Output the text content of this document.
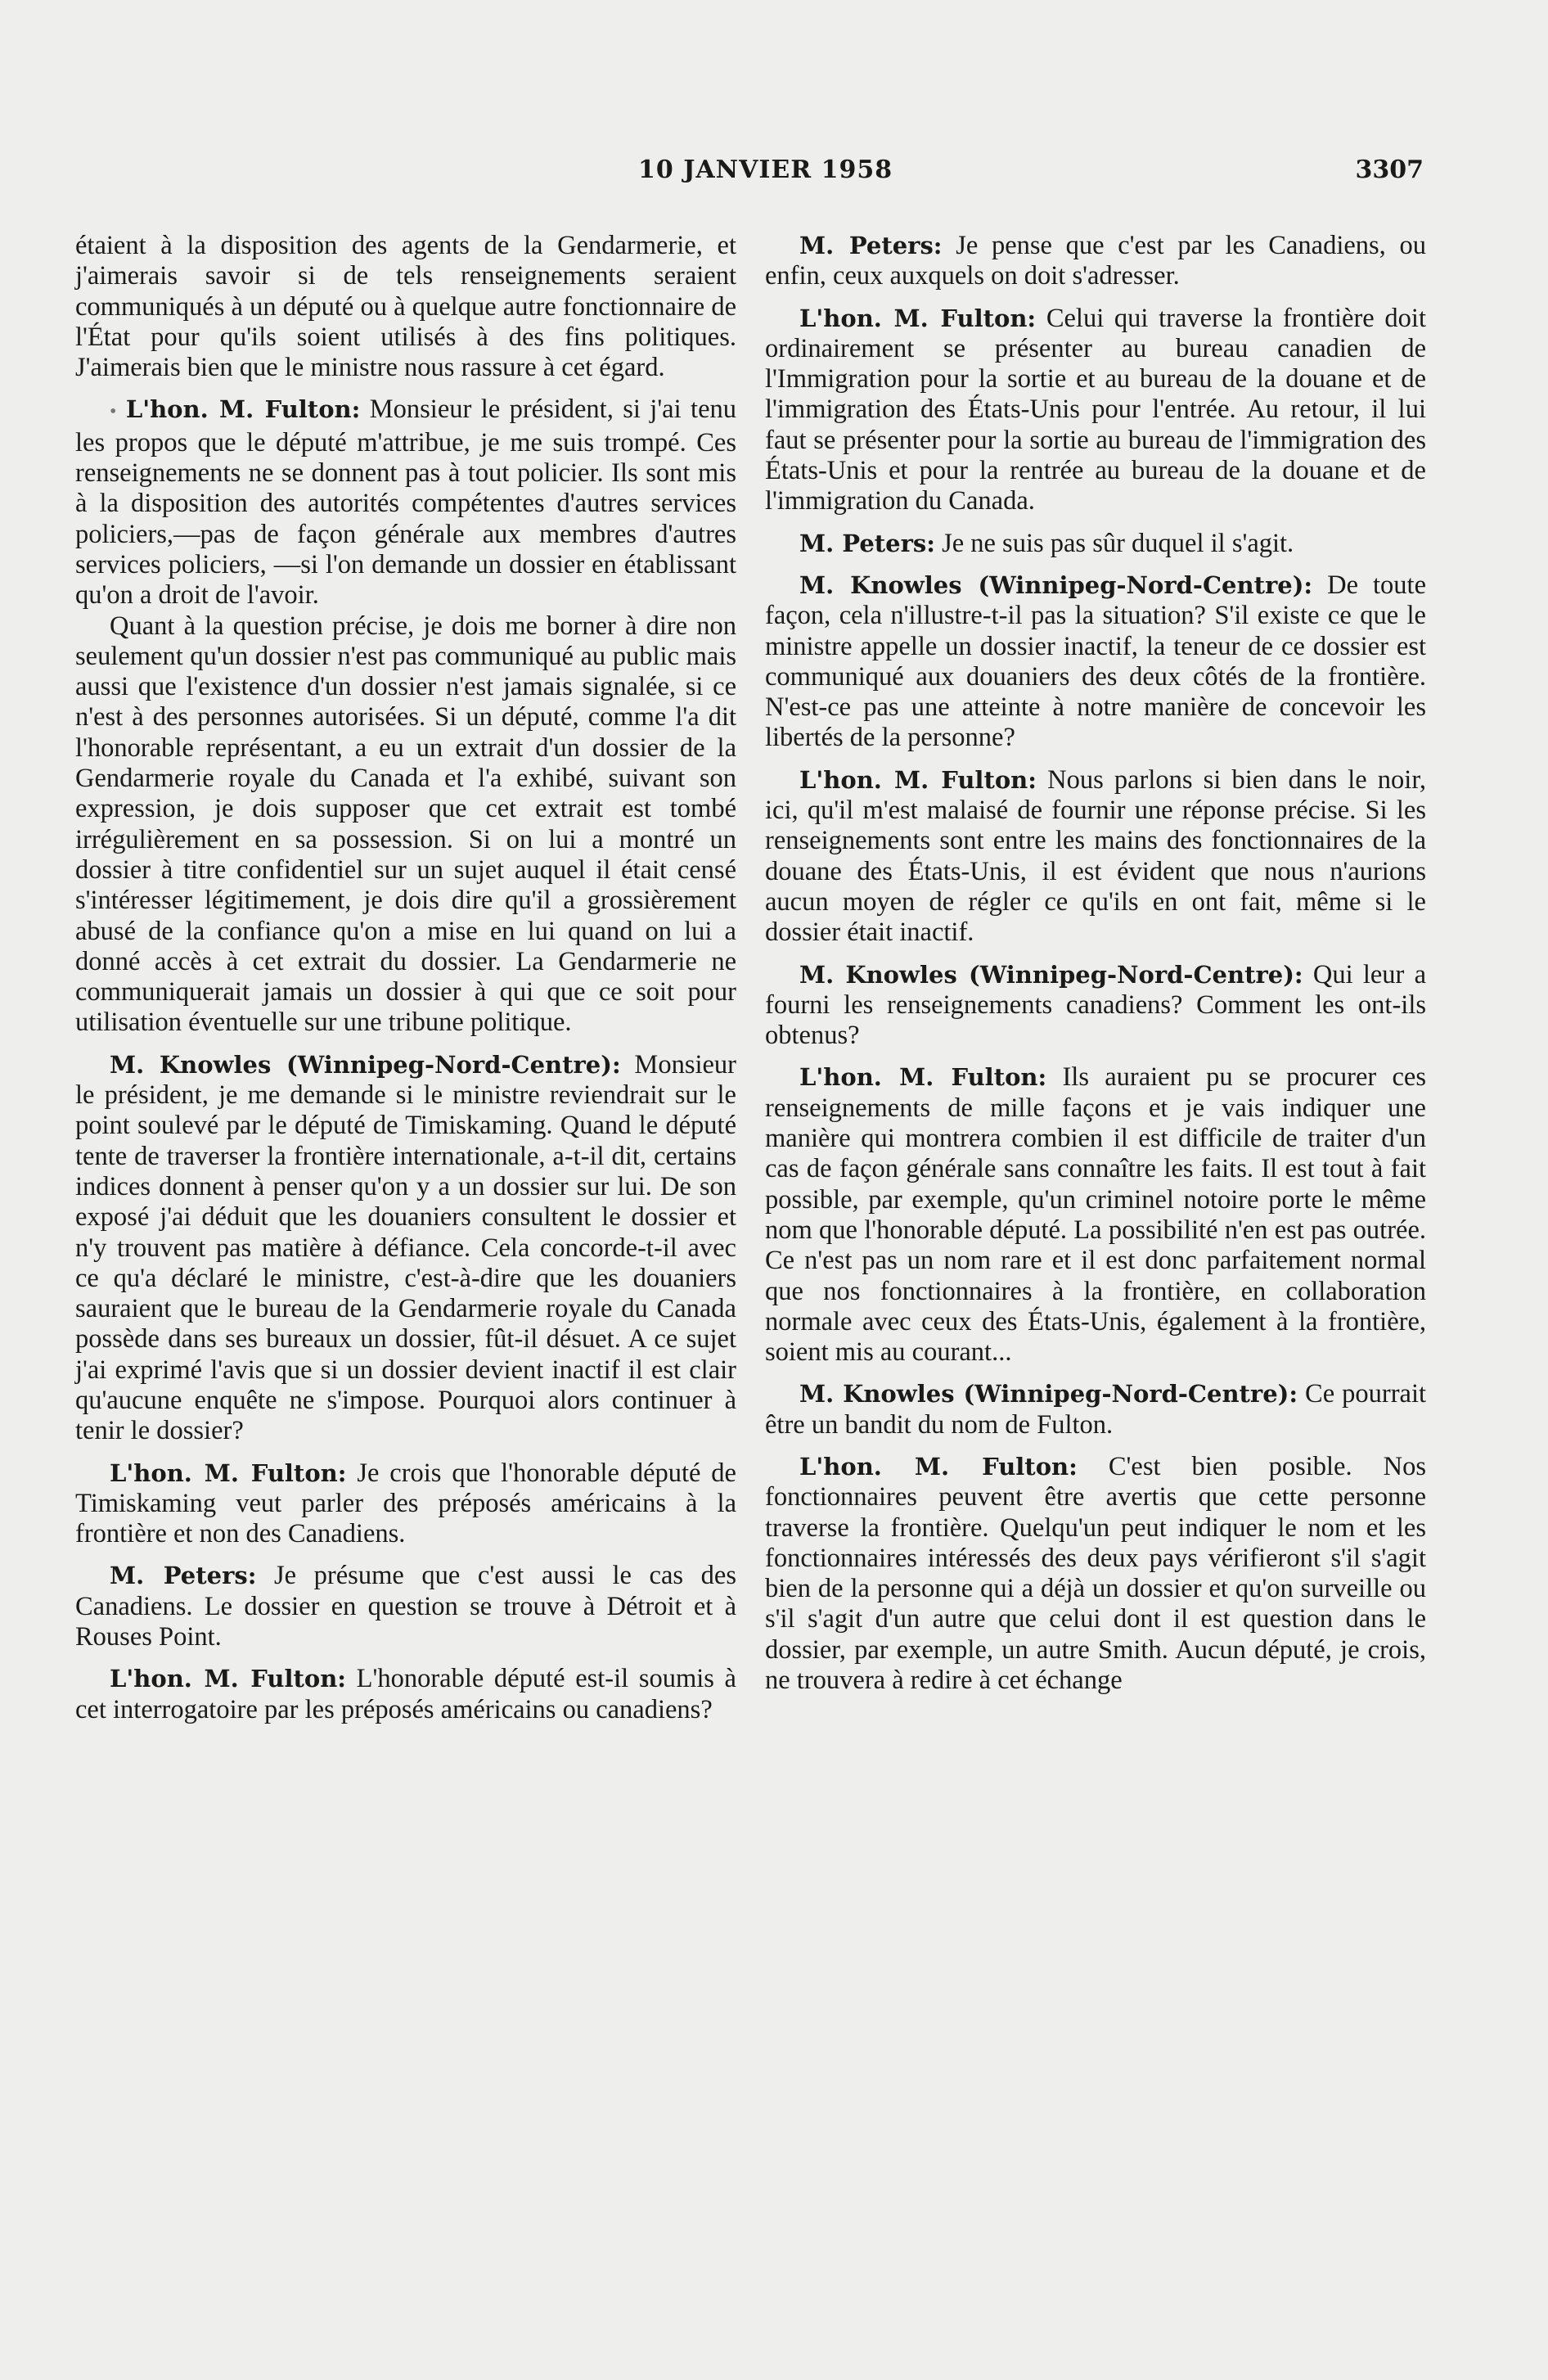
10 JANVIER 1958	3307

étaient à la disposition des agents de la Gendarmerie, et j'aimerais savoir si de tels renseignements seraient communiqués à un député ou à quelque autre fonctionnaire de l'État pour qu'ils soient utilisés à des fins politiques. J'aimerais bien que le ministre nous rassure à cet égard.

• L'hon. M. Fulton: Monsieur le président, si j'ai tenu les propos que le député m'attribue, je me suis trompé. Ces renseignements ne se donnent pas à tout policier. Ils sont mis à la disposition des autorités compétentes d'autres services policiers,—pas de façon générale aux membres d'autres services policiers, —si l'on demande un dossier en établissant qu'on a droit de l'avoir.

Quant à la question précise, je dois me borner à dire non seulement qu'un dossier n'est pas communiqué au public mais aussi que l'existence d'un dossier n'est jamais signalée, si ce n'est à des personnes autorisées. Si un député, comme l'a dit l'honorable représentant, a eu un extrait d'un dossier de la Gendarmerie royale du Canada et l'a exhibé, suivant son expression, je dois supposer que cet extrait est tombé irrégulièrement en sa possession. Si on lui a montré un dossier à titre confidentiel sur un sujet auquel il était censé s'intéresser légitimement, je dois dire qu'il a grossièrement abusé de la confiance qu'on a mise en lui quand on lui a donné accès à cet extrait du dossier. La Gendarmerie ne communiquerait jamais un dossier à qui que ce soit pour utilisation éventuelle sur une tribune politique.

M. Knowles (Winnipeg-Nord-Centre): Monsieur le président, je me demande si le ministre reviendrait sur le point soulevé par le député de Timiskaming. Quand le député tente de traverser la frontière internationale, a-t-il dit, certains indices donnent à penser qu'on y a un dossier sur lui. De son exposé j'ai déduit que les douaniers consultent le dossier et n'y trouvent pas matière à défiance. Cela concorde-t-il avec ce qu'a déclaré le ministre, c'est-à-dire que les douaniers sauraient que le bureau de la Gendarmerie royale du Canada possède dans ses bureaux un dossier, fût-il désuet. A ce sujet j'ai exprimé l'avis que si un dossier devient inactif il est clair qu'aucune enquête ne s'impose. Pourquoi alors continuer à tenir le dossier?

L'hon. M. Fulton: Je crois que l'honorable député de Timiskaming veut parler des préposés américains à la frontière et non des Canadiens.

M. Peters: Je présume que c'est aussi le cas des Canadiens. Le dossier en question se trouve à Détroit et à Rouses Point.

L'hon. M. Fulton: L'honorable député est-il soumis à cet interrogatoire par les préposés américains ou canadiens?

M. Peters: Je pense que c'est par les Canadiens, ou enfin, ceux auxquels on doit s'adresser.

L'hon. M. Fulton: Celui qui traverse la frontière doit ordinairement se présenter au bureau canadien de l'Immigration pour la sortie et au bureau de la douane et de l'immigration des États-Unis pour l'entrée. Au retour, il lui faut se présenter pour la sortie au bureau de l'immigration des États-Unis et pour la rentrée au bureau de la douane et de l'immigration du Canada.

M. Peters: Je ne suis pas sûr duquel il s'agit.

M. Knowles (Winnipeg-Nord-Centre): De toute façon, cela n'illustre-t-il pas la situation? S'il existe ce que le ministre appelle un dossier inactif, la teneur de ce dossier est communiqué aux douaniers des deux côtés de la frontière. N'est-ce pas une atteinte à notre manière de concevoir les libertés de la personne?

L'hon. M. Fulton: Nous parlons si bien dans le noir, ici, qu'il m'est malaisé de fournir une réponse précise. Si les renseignements sont entre les mains des fonctionnaires de la douane des États-Unis, il est évident que nous n'aurions aucun moyen de régler ce qu'ils en ont fait, même si le dossier était inactif.

M. Knowles (Winnipeg-Nord-Centre): Qui leur a fourni les renseignements canadiens? Comment les ont-ils obtenus?

L'hon. M. Fulton: Ils auraient pu se procurer ces renseignements de mille façons et je vais indiquer une manière qui montrera combien il est difficile de traiter d'un cas de façon générale sans connaître les faits. Il est tout à fait possible, par exemple, qu'un criminel notoire porte le même nom que l'honorable député. La possibilité n'en est pas outrée. Ce n'est pas un nom rare et il est donc parfaitement normal que nos fonctionnaires à la frontière, en collaboration normale avec ceux des États-Unis, également à la frontière, soient mis au courant...

M. Knowles (Winnipeg-Nord-Centre): Ce pourrait être un bandit du nom de Fulton.

L'hon. M. Fulton: C'est bien posible. Nos fonctionnaires peuvent être avertis que cette personne traverse la frontière. Quelqu'un peut indiquer le nom et les fonctionnaires intéressés des deux pays vérifieront s'il s'agit bien de la personne qui a déjà un dossier et qu'on surveille ou s'il s'agit d'un autre que celui dont il est question dans le dossier, par exemple, un autre Smith. Aucun député, je crois, ne trouvera à redire à cet échange
